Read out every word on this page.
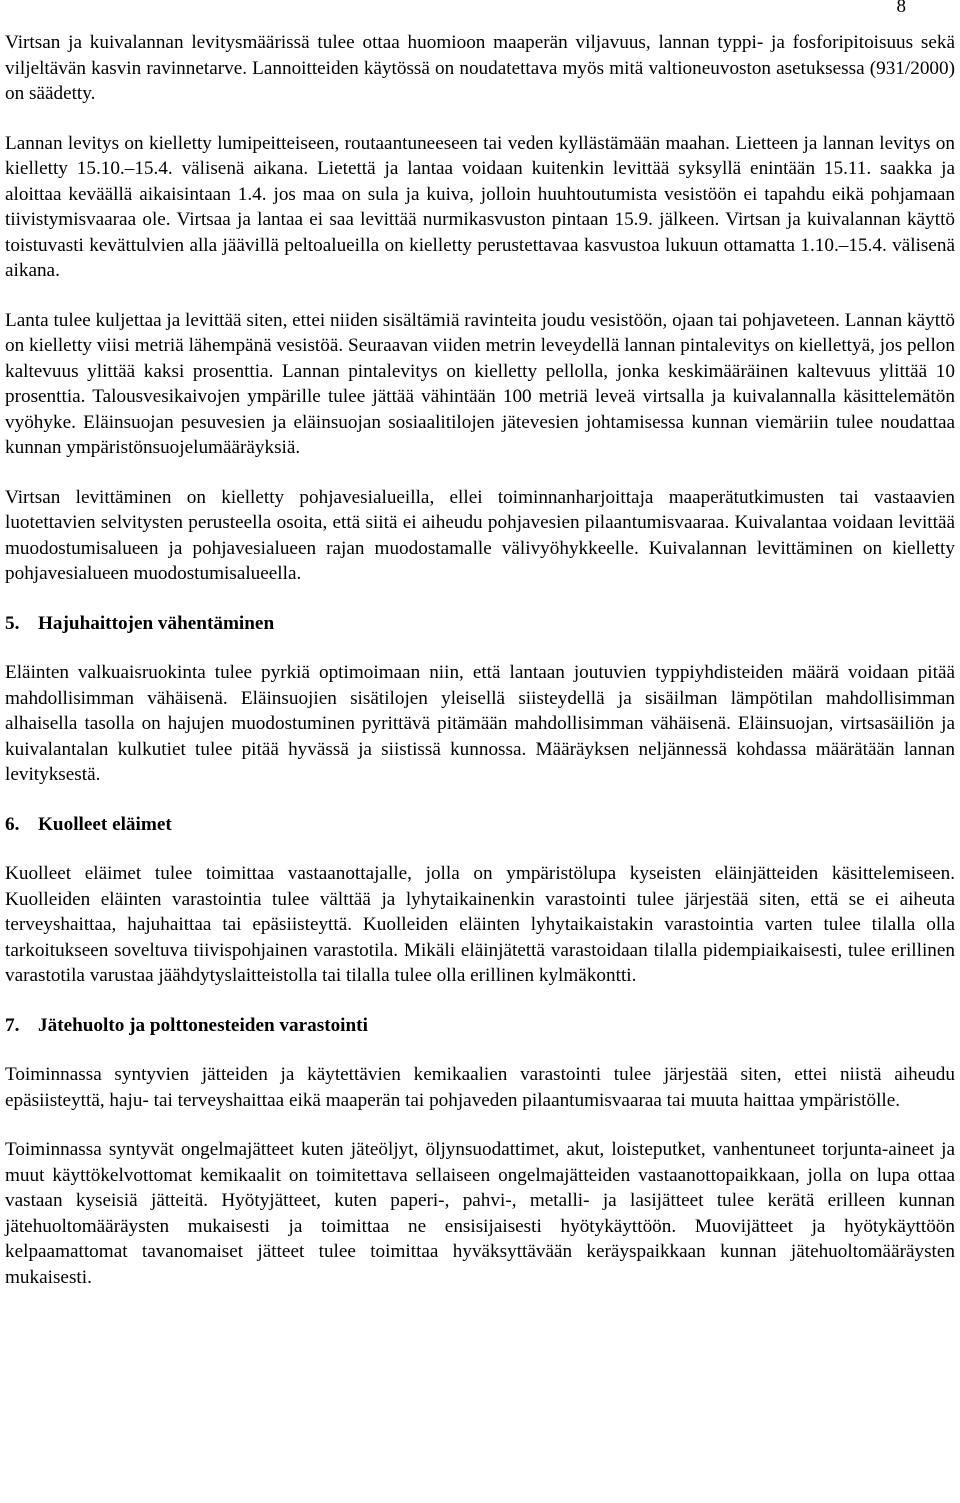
8

Virtsan ja kuivalannan levitysmäärissä tulee ottaa huomioon maaperän viljavuus, lannan typpi- ja fosforipitoisuus sekä viljeltävän kasvin ravinnetarve. Lannoitteiden käytössä on noudatettava myös mitä valtioneuvoston asetuksessa (931/2000) on säädetty.

Lannan levitys on kielletty lumipeitteiseen, routaantuneeseen tai veden kyllästämään maahan. Lietteen ja lannan levitys on kielletty 15.10.–15.4. välisenä aikana. Lietettä ja lantaa voidaan kuitenkin levittää syksyllä enintään 15.11. saakka ja aloittaa keväällä aikaisintaan 1.4. jos maa on sula ja kuiva, jolloin huuhtoutumista vesistöön ei tapahdu eikä pohjamaan tiivistymisvaaraa ole. Virtsaa ja lantaa ei saa levittää nurmikasvuston pintaan 15.9. jälkeen. Virtsan ja kuivalannan käyttö toistuvasti kevättulvien alla jäävillä peltoalueilla on kielletty perustettavaa kasvustoa lukuun ottamatta 1.10.–15.4. välisenä aikana.

Lanta tulee kuljettaa ja levittää siten, ettei niiden sisältämiä ravinteita joudu vesistöön, ojaan tai pohjaveteen. Lannan käyttö on kielletty viisi metriä lähempänä vesistöä. Seuraavan viiden metrin leveydellä lannan pintalevitys on kiellettyä, jos pellon kaltevuus ylittää kaksi prosenttia. Lannan pintalevitys on kielletty pellolla, jonka keskimääräinen kaltevuus ylittää 10 prosenttia. Talousvesikaivojen ympärille tulee jättää vähintään 100 metriä leveä virtsalla ja kuivalannalla käsittelemätön vyöhyke. Eläinsuojan pesuvesien ja eläinsuojan sosiaalitilojen jätevesien johtamisessa kunnan viemäriin tulee noudattaa kunnan ympäristönsuojelumääräyksiä.

Virtsan levittäminen on kielletty pohjavesialueilla, ellei toiminnanharjoittaja maaperätutkimusten tai vastaavien luotettavien selvitysten perusteella osoita, että siitä ei aiheudu pohjavesien pilaantumisvaaraa. Kuivalantaa voidaan levittää muodostumisalueen ja pohjavesialueen rajan muodostamalle välivyöhykkeelle. Kuivalannan levittäminen on kielletty pohjavesialueen muodostumisalueella.

5. Hajuhaittojen vähentäminen

Eläinten valkuaisruokinta tulee pyrkiä optimoimaan niin, että lantaan joutuvien typpiyhdisteiden määrä voidaan pitää mahdollisimman vähäisenä. Eläinsuojien sisätilojen yleisellä siisteydellä ja sisäilman lämpötilan mahdollisimman alhaisella tasolla on hajujen muodostuminen pyrittävä pitämään mahdollisimman vähäisenä. Eläinsuojan, virtsasäiliön ja kuivalantalan kulkutiet tulee pitää hyvässä ja siistissä kunnossa. Määräyksen neljännessä kohdassa määrätään lannan levityksestä.

6. Kuolleet eläimet

Kuolleet eläimet tulee toimittaa vastaanottajalle, jolla on ympäristölupa kyseisten eläinjätteiden käsittelemiseen. Kuolleiden eläinten varastointia tulee välttää ja lyhytaikainenkin varastointi tulee järjestää siten, että se ei aiheuta terveyshaittaa, hajuhaittaa tai epäsiisteyttä. Kuolleiden eläinten lyhytaikaistakin varastointia varten tulee tilalla olla tarkoitukseen soveltuva tiivispohjainen varastotila. Mikäli eläinjätettä varastoidaan tilalla pidempiaikaisesti, tulee erillinen varastotila varustaa jäähdytyslaitteistolla tai tilalla tulee olla erillinen kylmäkontti.

7. Jätehuolto ja polttonesteiden varastointi

Toiminnassa syntyvien jätteiden ja käytettävien kemikaalien varastointi tulee järjestää siten, ettei niistä aiheudu epäsiisteyttä, haju- tai terveyshaittaa eikä maaperän tai pohjaveden pilaantumisvaaraa tai muuta haittaa ympäristölle.

Toiminnassa syntyvät ongelmajätteet kuten jäteöljyt, öljynsuodattimet, akut, loisteputket, vanhentuneet torjunta-aineet ja muut käyttökelvottomat kemikaalit on toimitettava sellaiseen ongelmajätteiden vastaanottopaikkaan, jolla on lupa ottaa vastaan kyseisiä jätteitä. Hyötyjätteet, kuten paperi-, pahvi-, metalli- ja lasijätteet tulee kerätä erilleen kunnan jätehuoltomääräysten mukaisesti ja toimittaa ne ensisijaisesti hyötykäyttöön. Muovijätteet ja hyötykäyttöön kelpaamattomat tavanomaiset jätteet tulee toimittaa hyväksyttävään keräyspaikkaan kunnan jätehuoltomääräysten mukaisesti.
